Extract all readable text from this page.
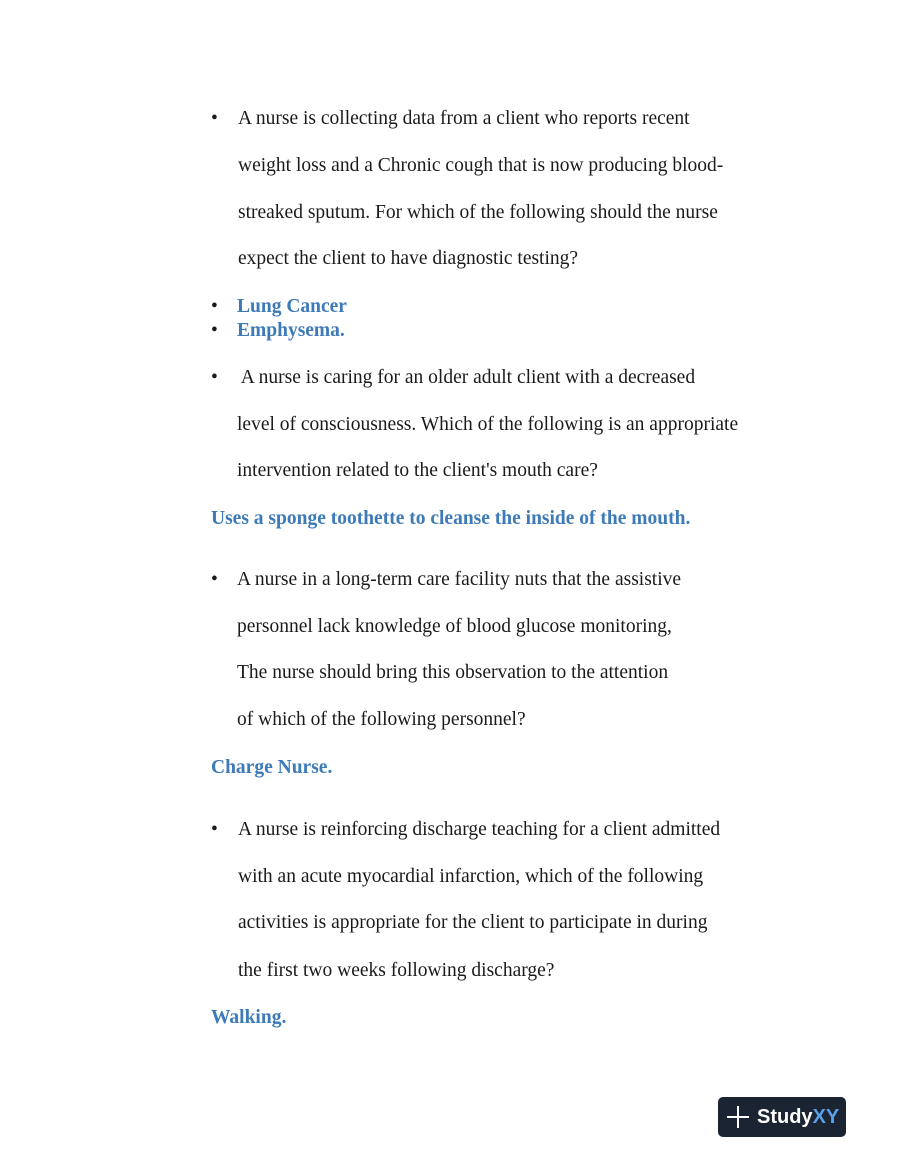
• A nurse is collecting data from a client who reports recent
weight loss and a Chronic cough that is now producing blood-
streaked sputum. For which of the following should the nurse
expect the client to have diagnostic testing?
• Lung Cancer
• Emphysema.
• A nurse is caring for an older adult client with a decreased
level of consciousness. Which of the following is an appropriate
intervention related to the client's mouth care?
Uses a sponge toothette to cleanse the inside of the mouth.
• A nurse in a long-term care facility nuts that the assistive
personnel lack knowledge of blood glucose monitoring,
The nurse should bring this observation to the attention
of which of the following personnel?
Charge Nurse.
• A nurse is reinforcing discharge teaching for a client admitted
with an acute myocardial infarction, which of the following
activities is appropriate for the client to participate in during
the first two weeks following discharge?
Walking.
Study XY
